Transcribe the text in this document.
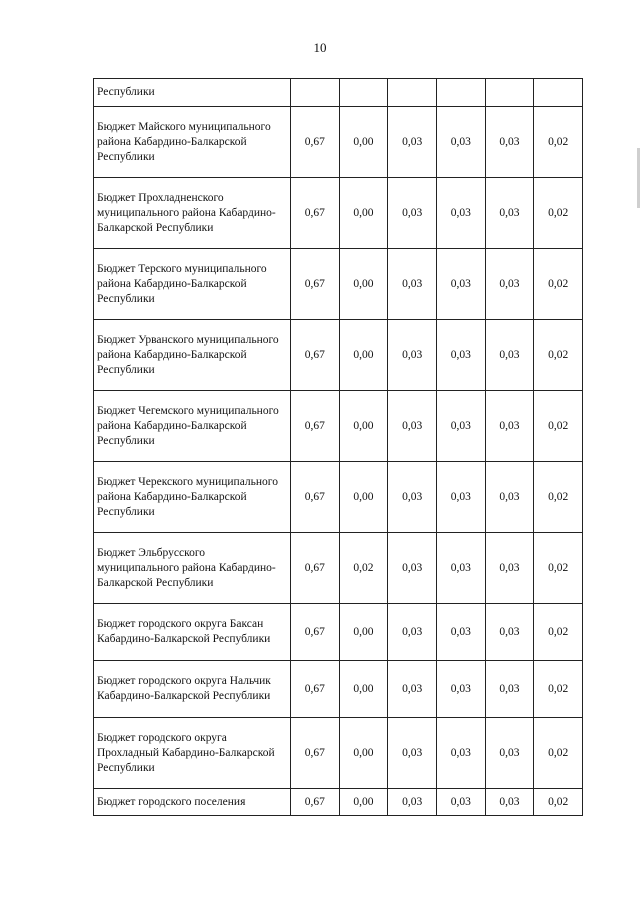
10
Республики						
Бюджет Майского муниципального района Кабардино-Балкарской Республики	0,67	0,00	0,03	0,03	0,03	0,02
Бюджет Прохладненского муниципального района Кабардино-Балкарской Республики	0,67	0,00	0,03	0,03	0,03	0,02
Бюджет Терского муниципального района Кабардино-Балкарской Республики	0,67	0,00	0,03	0,03	0,03	0,02
Бюджет Урванского муниципального района Кабардино-Балкарской Республики	0,67	0,00	0,03	0,03	0,03	0,02
Бюджет Чегемского муниципального района Кабардино-Балкарской Республики	0,67	0,00	0,03	0,03	0,03	0,02
Бюджет Черекского муниципального района Кабардино-Балкарской Республики	0,67	0,00	0,03	0,03	0,03	0,02
Бюджет Эльбрусского муниципального района Кабардино-Балкарской Республики	0,67	0,02	0,03	0,03	0,03	0,02
Бюджет городского округа Баксан Кабардино-Балкарской Республики	0,67	0,00	0,03	0,03	0,03	0,02
Бюджет городского округа Нальчик Кабардино-Балкарской Республики	0,67	0,00	0,03	0,03	0,03	0,02
Бюджет городского округа Прохладный Кабардино-Балкарской Республики	0,67	0,00	0,03	0,03	0,03	0,02
Бюджет городского поселения	0,67	0,00	0,03	0,03	0,03	0,02
